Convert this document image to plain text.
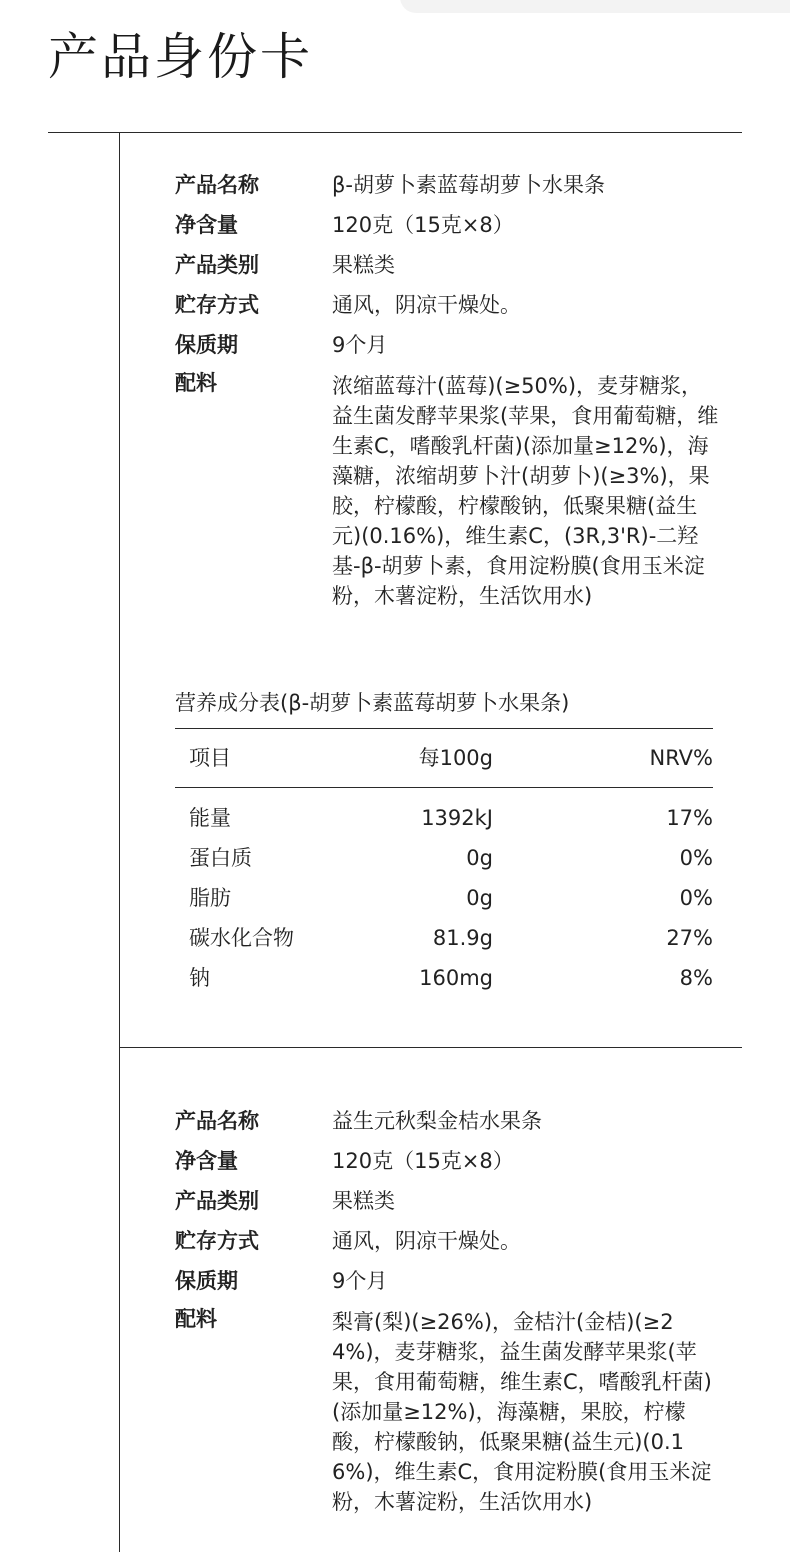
产品身份卡
产品名称	β-胡萝卜素蓝莓胡萝卜水果条
净含量	120克（15克×8）
产品类别	果糕类
贮存方式	通风，阴凉干燥处。
保质期	9个月
配料	浓缩蓝莓汁(蓝莓)(≥50%)，麦芽糖浆，益生菌发酵苹果浆(苹果，食用葡萄糖，维生素C，嗜酸乳杆菌)(添加量≥12%)，海藻糖，浓缩胡萝卜汁(胡萝卜)(≥3%)，果胶，柠檬酸，柠檬酸钠，低聚果糖(益生元)(0.16%)，维生素C，(3R,3'R)-二羟基-β-胡萝卜素，食用淀粉膜(食用玉米淀粉，木薯淀粉，生活饮用水)
营养成分表(β-胡萝卜素蓝莓胡萝卜水果条)
项目	每100g	NRV%
能量	1392kJ	17%
蛋白质	0g	0%
脂肪	0g	0%
碳水化合物	81.9g	27%
钠	160mg	8%
产品名称	益生元秋梨金桔水果条
净含量	120克（15克×8）
产品类别	果糕类
贮存方式	通风，阴凉干燥处。
保质期	9个月
配料	梨膏(梨)(≥26%)，金桔汁(金桔)(≥24%)，麦芽糖浆，益生菌发酵苹果浆(苹果，食用葡萄糖，维生素C，嗜酸乳杆菌)(添加量≥12%)，海藻糖，果胶，柠檬酸，柠檬酸钠，低聚果糖(益生元)(0.16%)，维生素C，食用淀粉膜(食用玉米淀粉，木薯淀粉，生活饮用水)
